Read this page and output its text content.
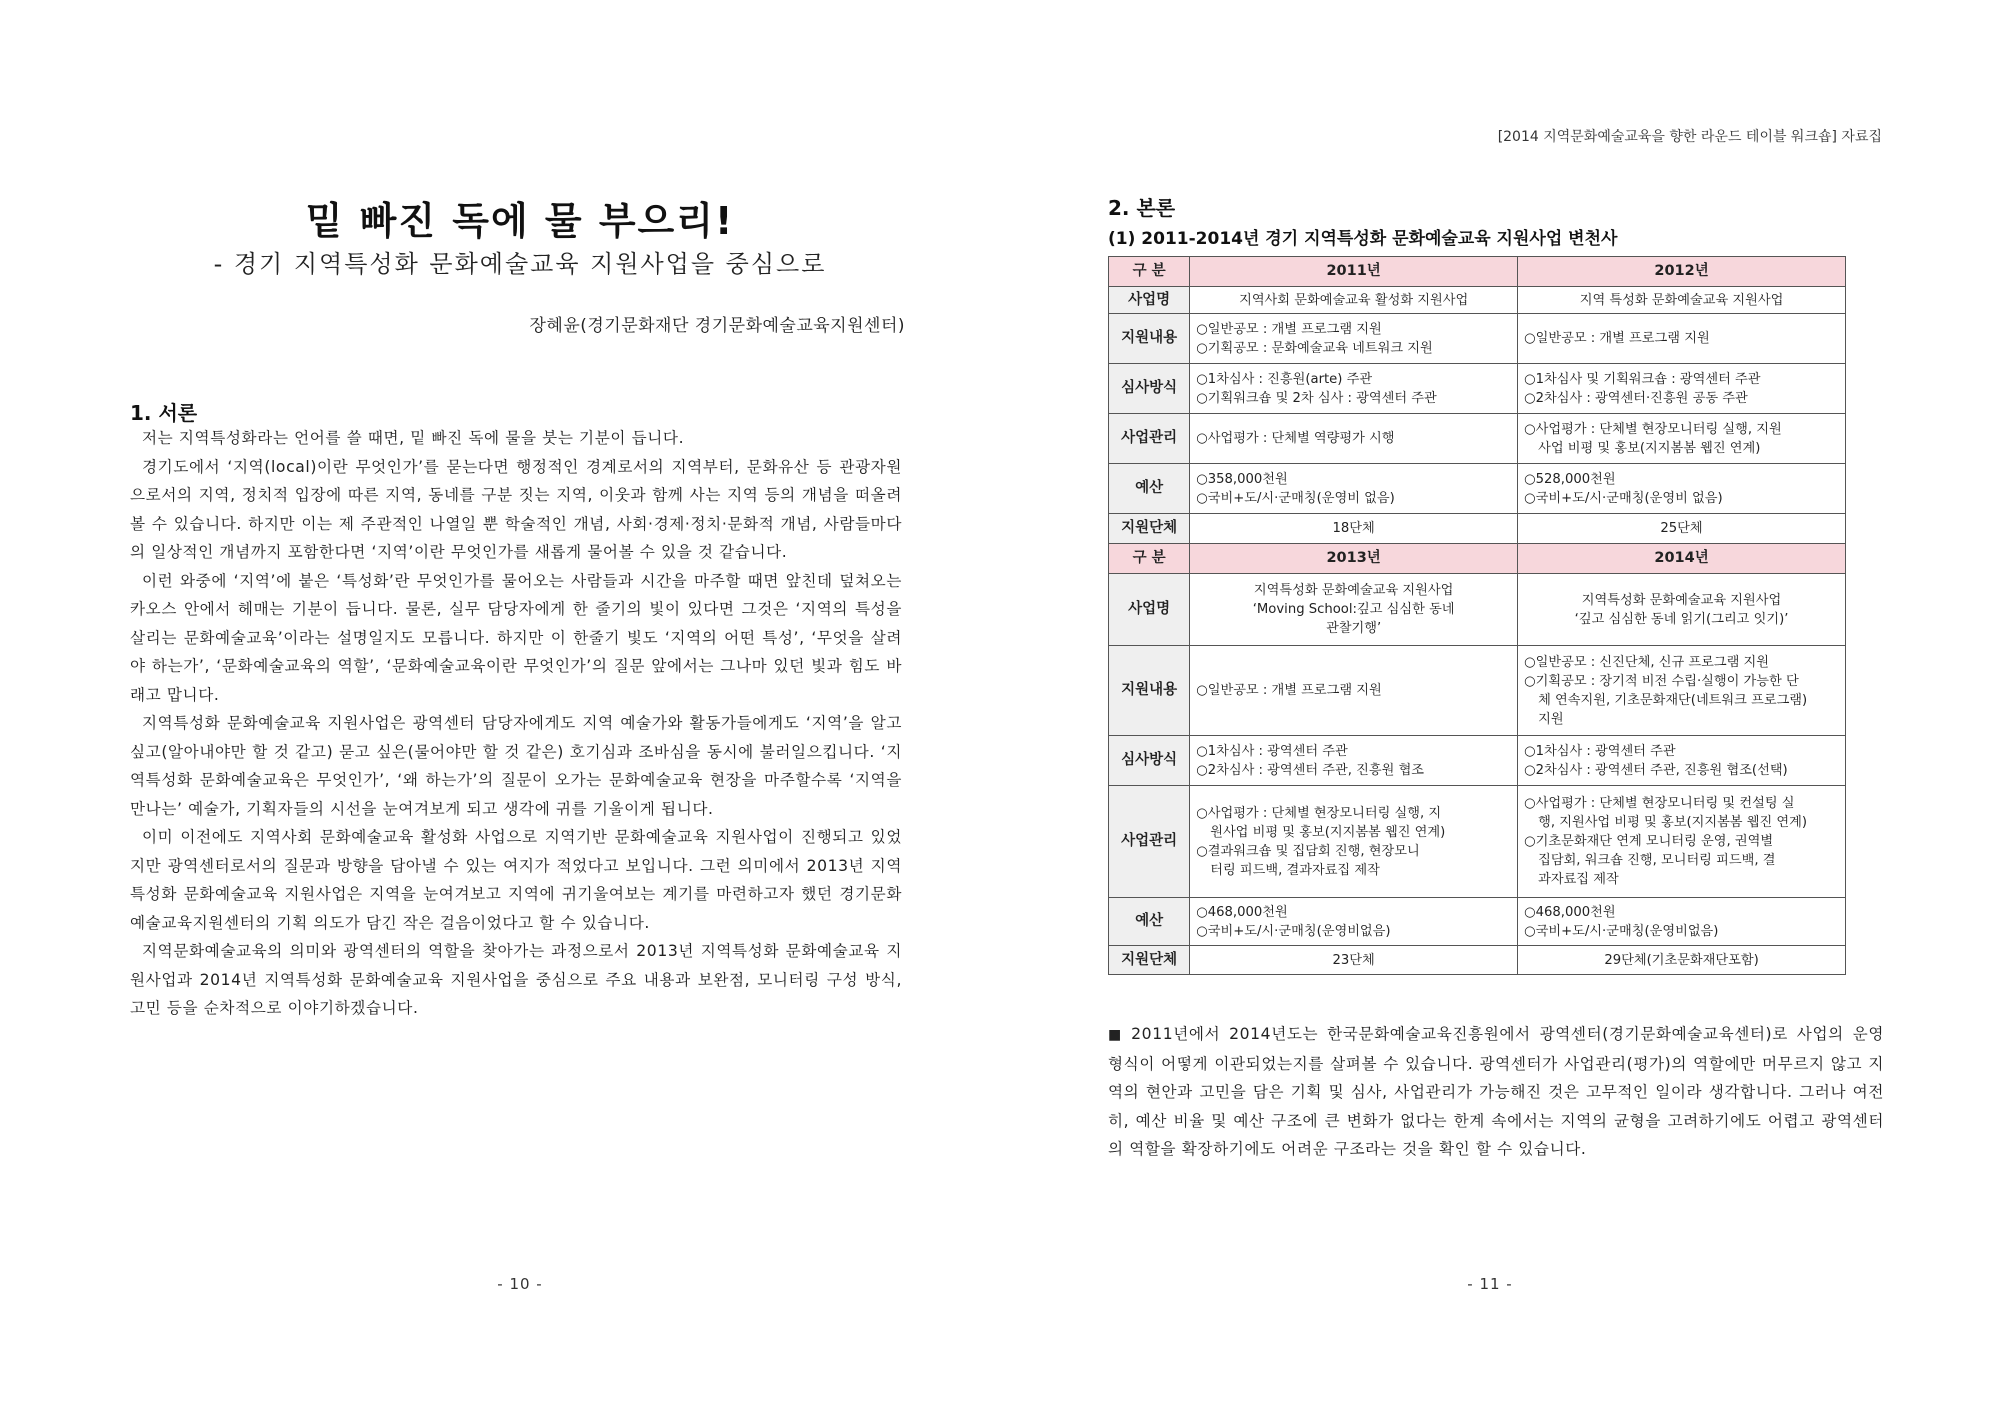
밑 빠진 독에 물 부으리!
- 경기 지역특성화 문화예술교육 지원사업을 중심으로
장혜윤(경기문화재단 경기문화예술교육지원센터)
1. 서론

저는 지역특성화라는 언어를 쓸 때면, 밑 빠진 독에 물을 붓는 기분이 듭니다.

경기도에서 ‘지역(local)이란 무엇인가’를 묻는다면 행정적인 경계로서의 지역부터, 문화유산 등 관광자원으로서의 지역, 정치적 입장에 따른 지역, 동네를 구분 짓는 지역, 이웃과 함께 사는 지역 등의 개념을 떠올려 볼 수 있습니다. 하지만 이는 제 주관적인 나열일 뿐 학술적인 개념, 사회·경제·정치·문화적 개념, 사람들마다의 일상적인 개념까지 포함한다면 ‘지역’이란 무엇인가를 새롭게 물어볼 수 있을 것 같습니다.

이런 와중에 ‘지역’에 붙은 ‘특성화’란 무엇인가를 물어오는 사람들과 시간을 마주할 때면 앞친데 덮쳐오는 카오스 안에서 헤매는 기분이 듭니다. 물론, 실무 담당자에게 한 줄기의 빛이 있다면 그것은 ‘지역의 특성을 살리는 문화예술교육’이라는 설명일지도 모릅니다. 하지만 이 한줄기 빛도 ‘지역의 어떤 특성’, ‘무엇을 살려야 하는가’, ‘문화예술교육의 역할’, ‘문화예술교육이란 무엇인가’의 질문 앞에서는 그나마 있던 빛과 힘도 바래고 맙니다.

지역특성화 문화예술교육 지원사업은 광역센터 담당자에게도 지역 예술가와 활동가들에게도 ‘지역’을 알고 싶고(알아내야만 할 것 같고) 묻고 싶은(물어야만 할 것 같은) 호기심과 조바심을 동시에 불러일으킵니다. ‘지역특성화 문화예술교육은 무엇인가’, ‘왜 하는가’의 질문이 오가는 문화예술교육 현장을 마주할수록 ‘지역을 만나는’ 예술가, 기획자들의 시선을 눈여겨보게 되고 생각에 귀를 기울이게 됩니다.

이미 이전에도 지역사회 문화예술교육 활성화 사업으로 지역기반 문화예술교육 지원사업이 진행되고 있었지만 광역센터로서의 질문과 방향을 담아낼 수 있는 여지가 적었다고 보입니다. 그런 의미에서 2013년 지역특성화 문화예술교육 지원사업은 지역을 눈여겨보고 지역에 귀기울여보는 계기를 마련하고자 했던 경기문화예술교육지원센터의 기획 의도가 담긴 작은 걸음이었다고 할 수 있습니다.

지역문화예술교육의 의미와 광역센터의 역할을 찾아가는 과정으로서 2013년 지역특성화 문화예술교육 지원사업과 2014년 지역특성화 문화예술교육 지원사업을 중심으로 주요 내용과 보완점, 모니터링 구성 방식, 고민 등을 순차적으로 이야기하겠습니다.

- 10 -
[2014 지역문화예술교육을 향한 라운드 테이블 워크숍] 자료집
2. 본론
(1) 2011-2014년 경기 지역특성화 문화예술교육 지원사업 변천사
구 분	2011년	2012년
사업명	지역사회 문화예술교육 활성화 지원사업	지역 특성화 문화예술교육 지원사업
지원내용	○일반공모 : 개별 프로그램 지원
○기획공모 : 문화예술교육 네트워크 지원	○일반공모 : 개별 프로그램 지원

심사방식	○1차심사 : 진흥원(arte) 주관
○기획워크숍 및 2차 심사 : 광역센터 주관	○1차심사 및 기획워크숍 : 광역센터 주관
○2차심사 : 광역센터·진흥원 공동 주관

사업관리	○사업평가 : 단체별 역량평가 시행	○사업평가 : 단체별 현장모니터링 실행, 지원
사업 비평 및 홍보(지지봄봄 웹진 연계)

예산	○358,000천원
○국비+도/시·군매칭(운영비 없음)	○528,000천원
○국비+도/시·군매칭(운영비 없음)

지원단체	18단체	25단체
구 분	2013년	2014년
사업명	지역특성화 문화예술교육 지원사업
‘Moving School:깊고 심심한 동네
관찰기행’	지역특성화 문화예술교육 지원사업
‘깊고 심심한 동네 읽기(그리고 잇기)’

지원내용	○일반공모 : 개별 프로그램 지원	○일반공모 : 신진단체, 신규 프로그램 지원
○기획공모 : 장기적 비전 수립·실행이 가능한 단
체 연속지원, 기초문화재단(네트워크 프로그램)
지원

심사방식	○1차심사 : 광역센터 주관
○2차심사 : 광역센터 주관, 진흥원 협조	○1차심사 : 광역센터 주관
○2차심사 : 광역센터 주관, 진흥원 협조(선택)

사업관리	○사업평가 : 단체별 현장모니터링 실행, 지
원사업 비평 및 홍보(지지봄봄 웹진 연계)
○결과워크숍 및 집담회 진행, 현장모니
터링 피드백, 결과자료집 제작	○사업평가 : 단체별 현장모니터링 및 컨설팅 실
행, 지원사업 비평 및 홍보(지지봄봄 웹진 연계)
○기초문화재단 연계 모니터링 운영, 권역별
집담회, 워크숍 진행, 모니터링 피드백, 결
과자료집 제작

예산	○468,000천원
○국비+도/시·군매칭(운영비없음)	○468,000천원
○국비+도/시·군매칭(운영비없음)

지원단체	23단체	29단체(기초문화재단포함)
■ 2011년에서 2014년도는 한국문화예술교육진흥원에서 광역센터(경기문화예술교육센터)로 사업의 운영 형식이 어떻게 이관되었는지를 살펴볼 수 있습니다. 광역센터가 사업관리(평가)의 역할에만 머무르지 않고 지역의 현안과 고민을 담은 기획 및 심사, 사업관리가 가능해진 것은 고무적인 일이라 생각합니다. 그러나 여전히, 예산 비율 및 예산 구조에 큰 변화가 없다는 한계 속에서는 지역의 균형을 고려하기에도 어렵고 광역센터의 역할을 확장하기에도 어려운 구조라는 것을 확인 할 수 있습니다.
- 11 -
